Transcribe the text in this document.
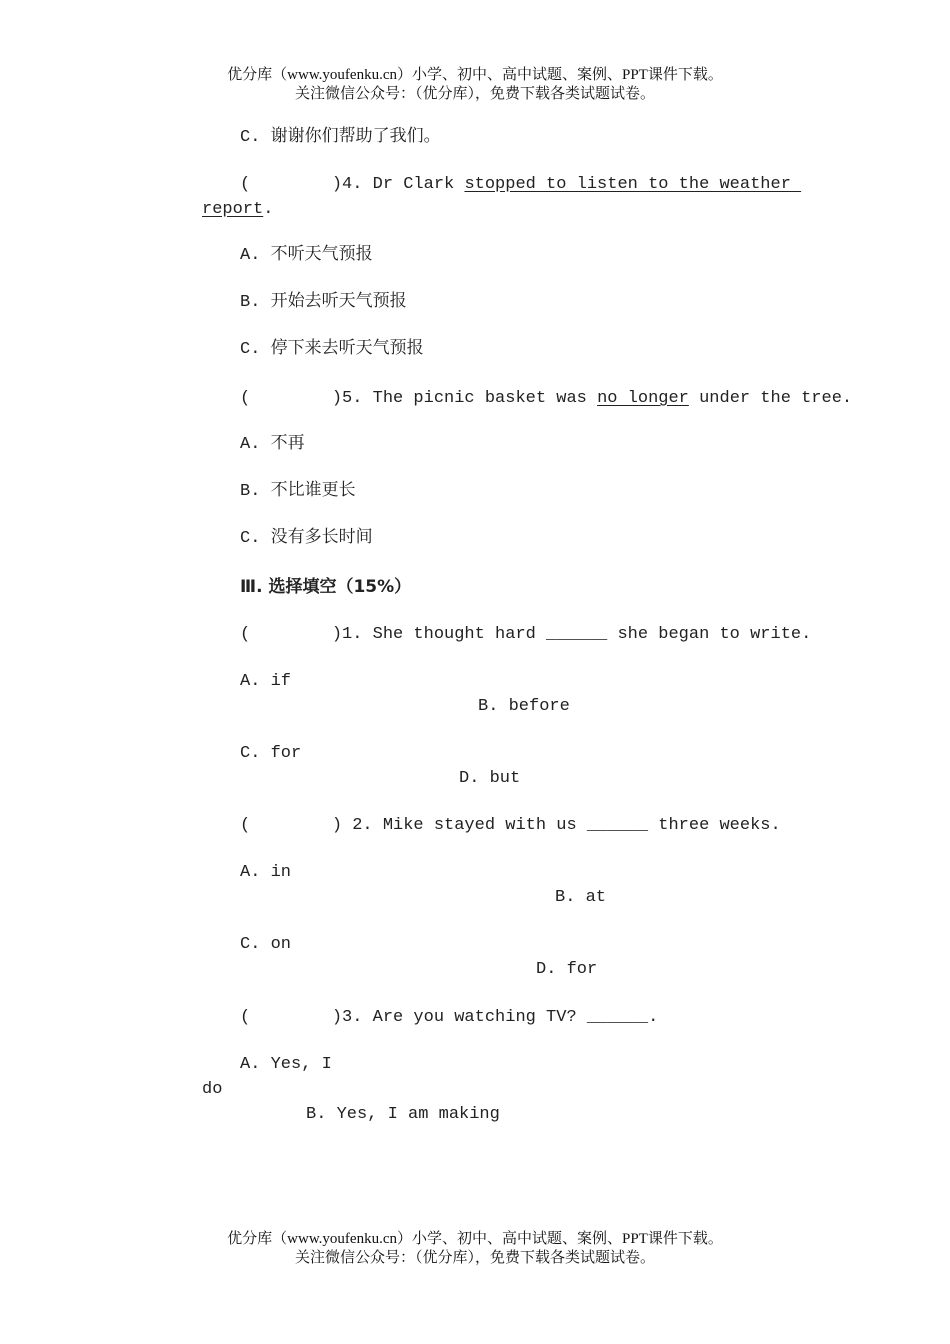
优分库（www.youfenku.cn）小学、初中、高中试题、案例、PPT课件下载。
关注微信公众号：（优分库），免费下载各类试题试卷。
C. 谢谢你们帮助了我们。
(        )4. Dr Clark stopped to listen to the weather
report.
A. 不听天气预报
B. 开始去听天气预报
C. 停下来去听天气预报
(        )5. The picnic basket was no longer under the tree.
A. 不再
B. 不比谁更长
C. 没有多长时间
Ⅲ. 选择填空（15%）
(        )1. She thought hard ______ she began to write.
A. if
B. before
C. for
D. but
(        ) 2. Mike stayed with us ______ three weeks.
A. in
B. at
C. on
D. for
(        )3. Are you watching TV? ______.
A. Yes, I
do
B. Yes, I am making
优分库（www.youfenku.cn）小学、初中、高中试题、案例、PPT课件下载。
关注微信公众号：（优分库），免费下载各类试题试卷。
